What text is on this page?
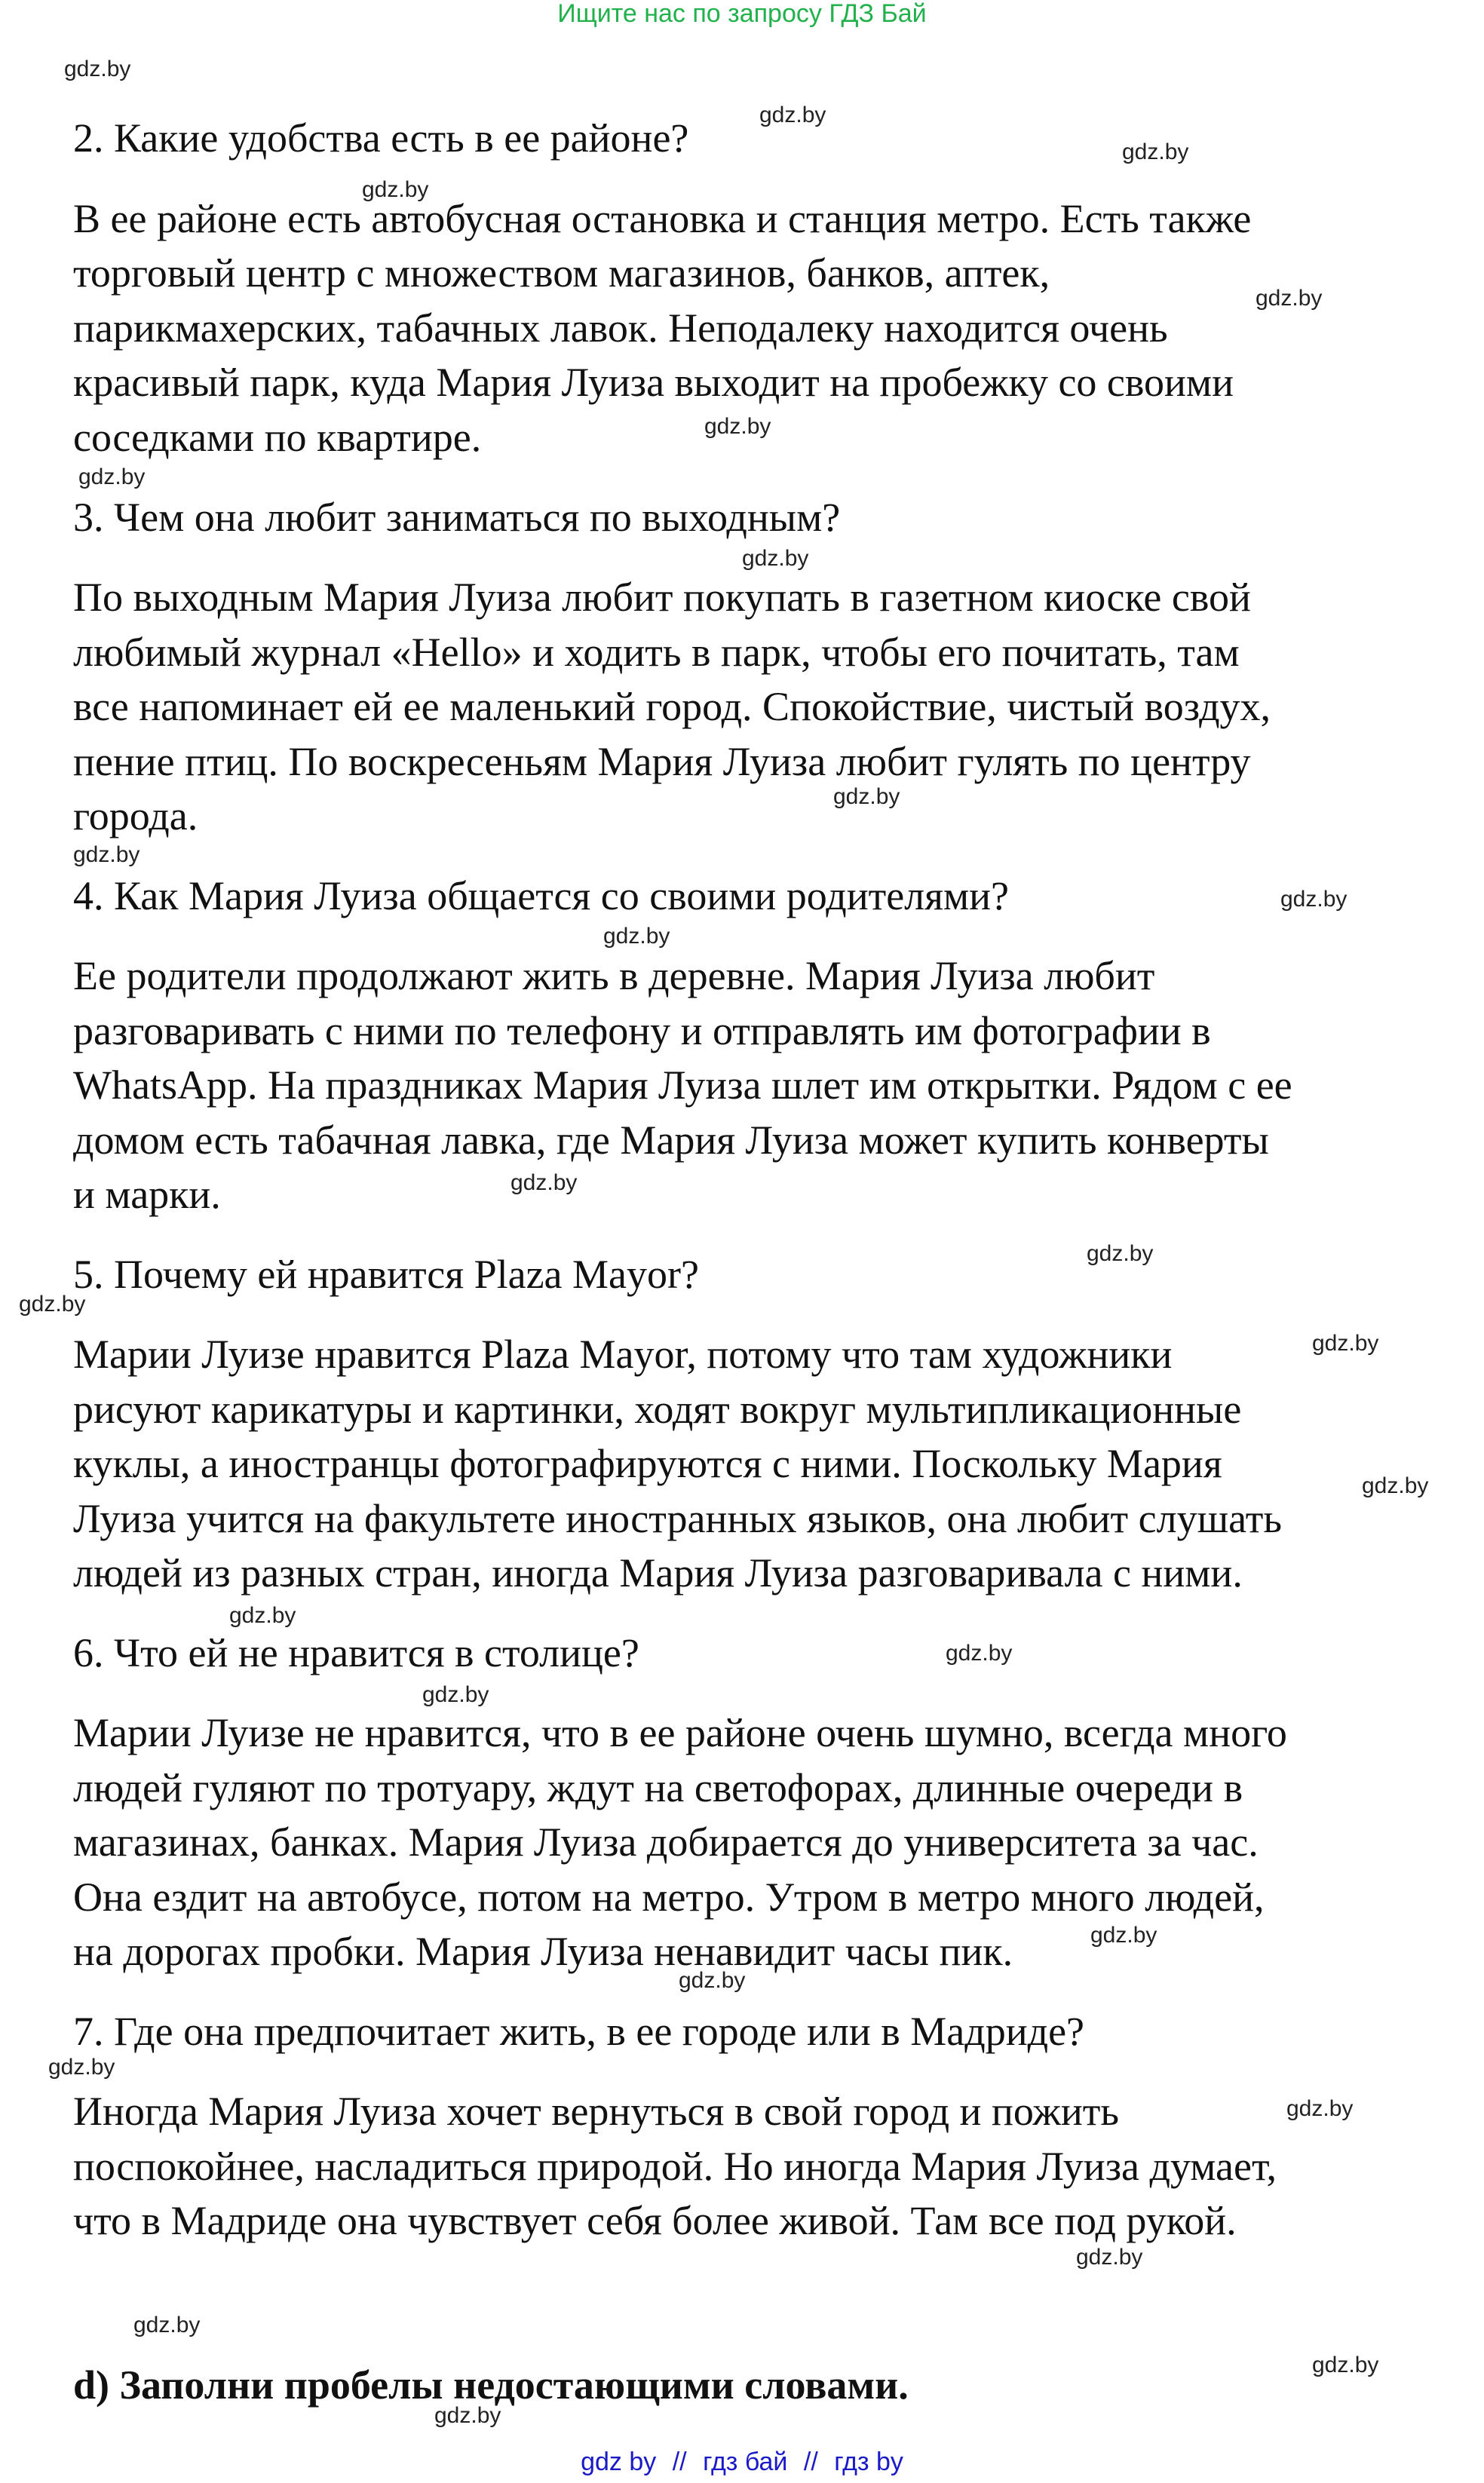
Ищите нас по запросу ГДЗ Бай
2. Какие удобства есть в ее районе?
В ее районе есть автобусная остановка и станция метро. Есть также
торговый центр с множеством магазинов, банков, аптек,
парикмахерских, табачных лавок. Неподалеку находится очень
красивый парк, куда Мария Луиза выходит на пробежку со своими
соседками по квартире.
3. Чем она любит заниматься по выходным?
По выходным Мария Луиза любит покупать в газетном киоске свой
любимый журнал «Hello» и ходить в парк, чтобы его почитать, там
все напоминает ей ее маленький город. Спокойствие, чистый воздух,
пение птиц. По воскресеньям Мария Луиза любит гулять по центру
города.
4. Как Мария Луиза общается со своими родителями?
Ее родители продолжают жить в деревне. Мария Луиза любит
разговаривать с ними по телефону и отправлять им фотографии в
WhatsApp. На праздниках Мария Луиза шлет им открытки. Рядом с ее
домом есть табачная лавка, где Мария Луиза может купить конверты
и марки.
5. Почему ей нравится Plaza Mayor?
Марии Луизе нравится Plaza Mayor, потому что там художники
рисуют карикатуры и картинки, ходят вокруг мультипликационные
куклы, а иностранцы фотографируются с ними. Поскольку Мария
Луиза учится на факультете иностранных языков, она любит слушать
людей из разных стран, иногда Мария Луиза разговаривала с ними.
6. Что ей не нравится в столице?
Марии Луизе не нравится, что в ее районе очень шумно, всегда много
людей гуляют по тротуару, ждут на светофорах, длинные очереди в
магазинах, банках. Мария Луиза добирается до университета за час.
Она ездит на автобусе, потом на метро. Утром в метро много людей,
на дорогах пробки. Мария Луиза ненавидит часы пик.
7. Где она предпочитает жить, в ее городе или в Мадриде?
Иногда Мария Луиза хочет вернуться в свой город и пожить
поспокойнее, насладиться природой. Но иногда Мария Луиза думает,
что в Мадриде она чувствует себя более живой. Там все под рукой.
d) Заполни пробелы недостающими словами.
gdz.by
gdz.by
gdz.by
gdz.by
gdz.by
gdz.by
gdz.by
gdz.by
gdz.by
gdz.by
gdz.by
gdz.by
gdz.by
gdz.by
gdz.by
gdz.by
gdz.by
gdz.by
gdz.by
gdz.by
gdz.by
gdz.by
gdz.by
gdz.by
gdz.by
gdz.by
gdz.by
gdz.by
gdz by // гдз бай // гдз by
